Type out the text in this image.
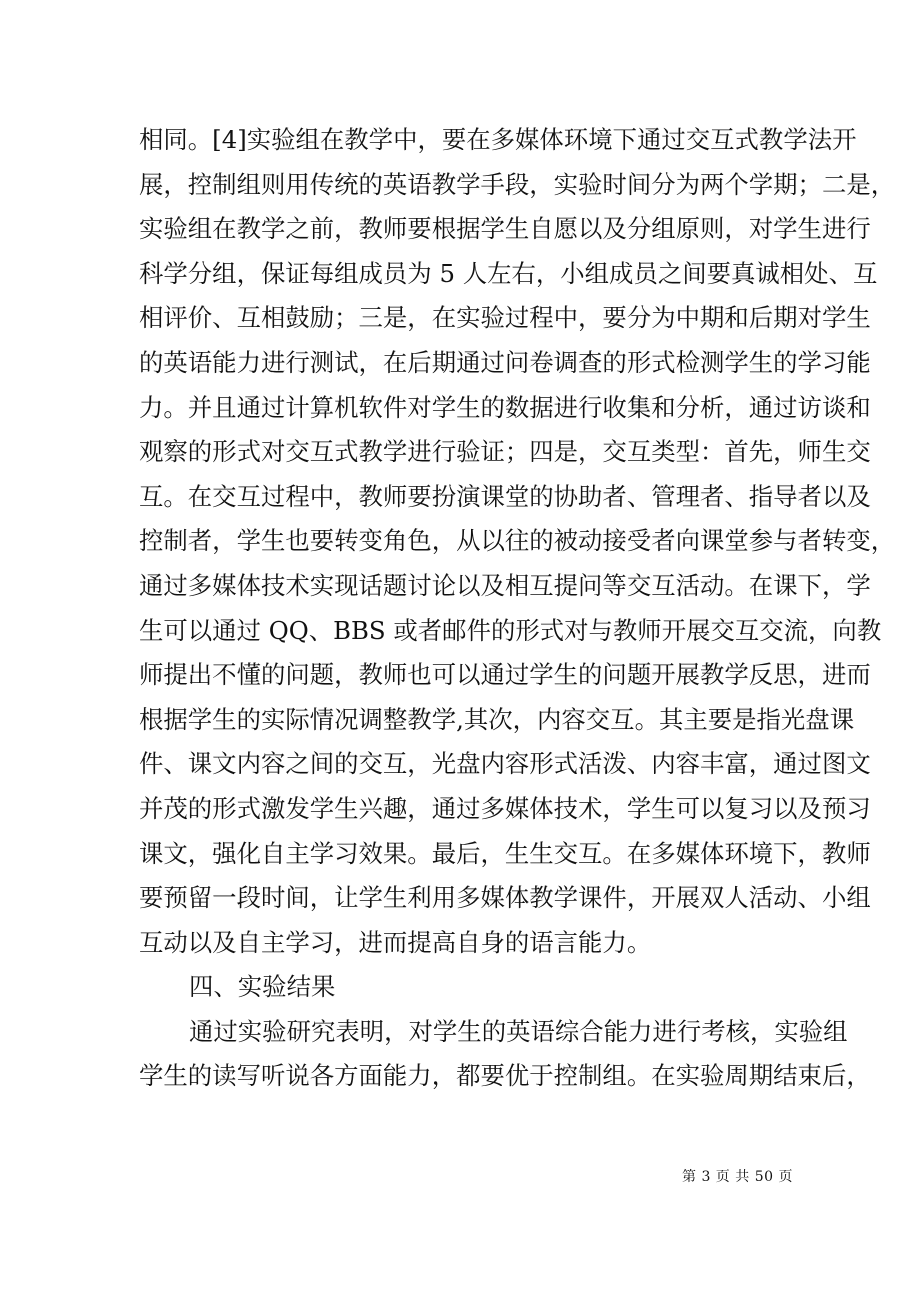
相同。[4]实验组在教学中，要在多媒体环境下通过交互式教学法开
展，控制组则用传统的英语教学手段，实验时间分为两个学期；二是，
实验组在教学之前，教师要根据学生自愿以及分组原则，对学生进行
科学分组，保证每组成员为 5 人左右，小组成员之间要真诚相处、互
相评价、互相鼓励；三是，在实验过程中，要分为中期和后期对学生
的英语能力进行测试，在后期通过问卷调查的形式检测学生的学习能
力。并且通过计算机软件对学生的数据进行收集和分析，通过访谈和
观察的形式对交互式教学进行验证；四是，交互类型：首先，师生交
互。在交互过程中，教师要扮演课堂的协助者、管理者、指导者以及
控制者，学生也要转变角色，从以往的被动接受者向课堂参与者转变，
通过多媒体技术实现话题讨论以及相互提问等交互活动。在课下，学
生可以通过 QQ、BBS 或者邮件的形式对与教师开展交互交流，向教
师提出不懂的问题，教师也可以通过学生的问题开展教学反思，进而
根据学生的实际情况调整教学,其次，内容交互。其主要是指光盘课
件、课文内容之间的交互，光盘内容形式活泼、内容丰富，通过图文
并茂的形式激发学生兴趣，通过多媒体技术，学生可以复习以及预习
课文，强化自主学习效果。最后，生生交互。在多媒体环境下，教师
要预留一段时间，让学生利用多媒体教学课件，开展双人活动、小组
互动以及自主学习，进而提高自身的语言能力。
四、实验结果
通过实验研究表明，对学生的英语综合能力进行考核，实验组
学生的读写听说各方面能力，都要优于控制组。在实验周期结束后，
第 3 页 共 50 页
